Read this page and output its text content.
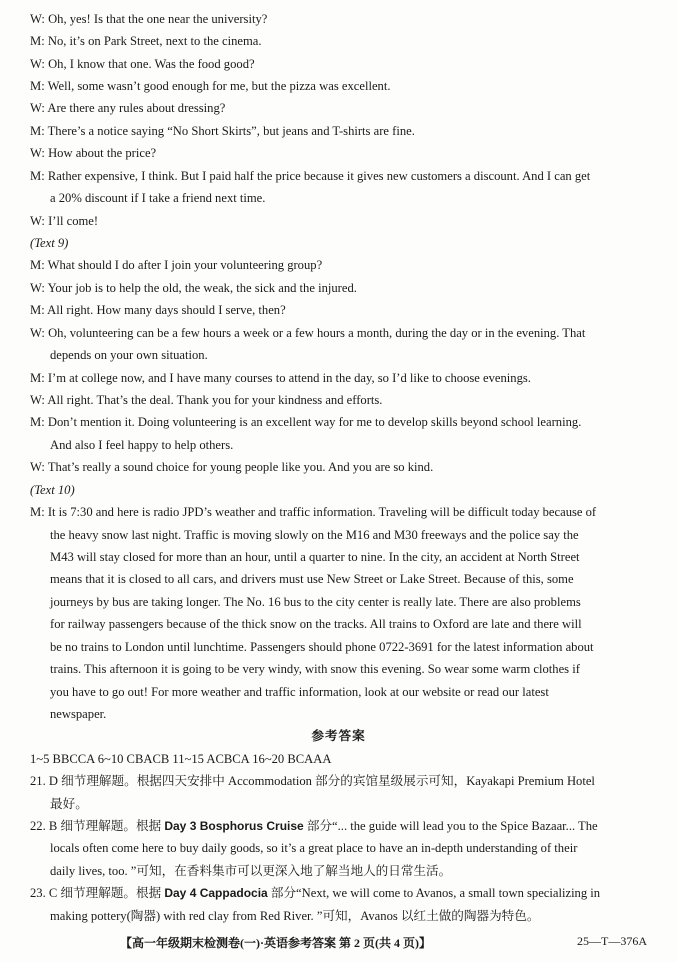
W: Oh, yes! Is that the one near the university?
M: No, it’s on Park Street, next to the cinema.
W: Oh, I know that one. Was the food good?
M: Well, some wasn’t good enough for me, but the pizza was excellent.
W: Are there any rules about dressing?
M: There’s a notice saying “No Short Skirts”, but jeans and T-shirts are fine.
W: How about the price?
M: Rather expensive, I think. But I paid half the price because it gives new customers a discount. And I can get
a 20% discount if I take a friend next time.
W: I’ll come!
(Text 9)
M: What should I do after I join your volunteering group?
W: Your job is to help the old, the weak, the sick and the injured.
M: All right. How many days should I serve, then?
W: Oh, volunteering can be a few hours a week or a few hours a month, during the day or in the evening. That
depends on your own situation.
M: I’m at college now, and I have many courses to attend in the day, so I’d like to choose evenings.
W: All right. That’s the deal. Thank you for your kindness and efforts.
M: Don’t mention it. Doing volunteering is an excellent way for me to develop skills beyond school learning.
And also I feel happy to help others.
W: That’s really a sound choice for young people like you. And you are so kind.
(Text 10)
M: It is 7:30 and here is radio JPD’s weather and traffic information. Traveling will be difficult today because of
the heavy snow last night. Traffic is moving slowly on the M16 and M30 freeways and the police say the
M43 will stay closed for more than an hour, until a quarter to nine. In the city, an accident at North Street
means that it is closed to all cars, and drivers must use New Street or Lake Street. Because of this, some
journeys by bus are taking longer. The No. 16 bus to the city center is really late. There are also problems
for railway passengers because of the thick snow on the tracks. All trains to Oxford are late and there will
be no trains to London until lunchtime. Passengers should phone 0722-3691 for the latest information about
trains. This afternoon it is going to be very windy, with snow this evening. So wear some warm clothes if
you have to go out! For more weather and traffic information, look at our website or read our latest
newspaper.
参考答案
1~5 BBCCA 6~10 CBACB 11~15 ACBCA 16~20 BCAAA
21. D 细节理解题。根据四天安排中 Accommodation 部分的宾馆星级展示可知，Kayakapi Premium Hotel
最好。
22. B 细节理解题。根据 Day 3 Bosphorus Cruise 部分“... the guide will lead you to the Spice Bazaar... The
locals often come here to buy daily goods, so it’s a great place to have an in-depth understanding of their
daily lives, too. ”可知，在香料集市可以更深入地了解当地人的日常生活。
23. C 细节理解题。根据 Day 4 Cappadocia 部分“Next, we will come to Avanos, a small town specializing in
making pottery(陶器) with red clay from Red River. ”可知，Avanos 以红土做的陶器为特色。
【高一年级期末检测卷(一)·英语参考答案 第 2 页(共 4 页)】	25—T—376A
